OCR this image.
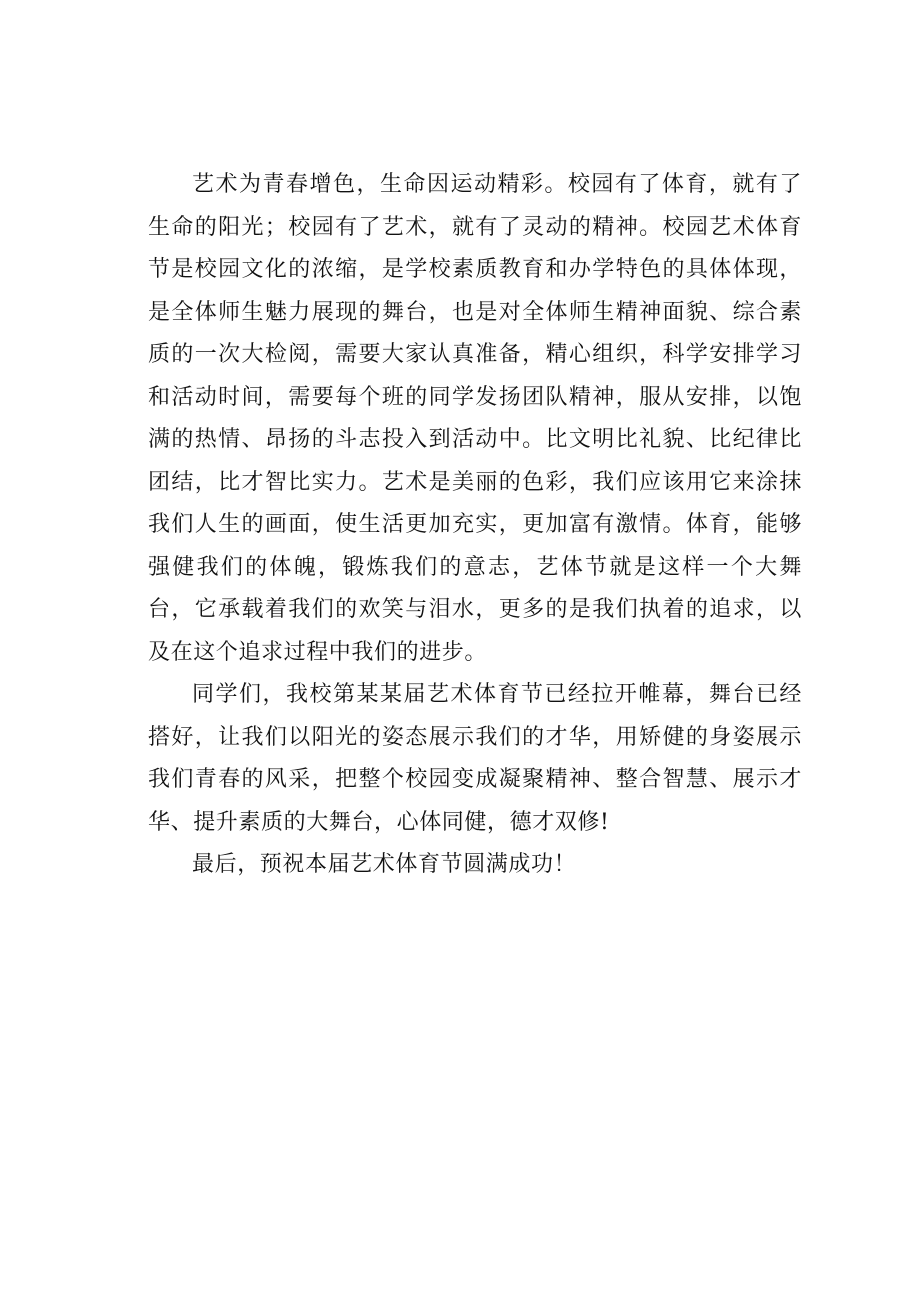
艺术为青春增色，生命因运动精彩。校园有了体育，就有了生命的阳光；校园有了艺术，就有了灵动的精神。校园艺术体育节是校园文化的浓缩，是学校素质教育和办学特色的具体体现，是全体师生魅力展现的舞台，也是对全体师生精神面貌、综合素质的一次大检阅，需要大家认真准备，精心组织，科学安排学习和活动时间，需要每个班的同学发扬团队精神，服从安排，以饱满的热情、昂扬的斗志投入到活动中。比文明比礼貌、比纪律比团结，比才智比实力。艺术是美丽的色彩，我们应该用它来涂抹我们人生的画面，使生活更加充实，更加富有激情。体育，能够强健我们的体魄，锻炼我们的意志，艺体节就是这样一个大舞台，它承载着我们的欢笑与泪水，更多的是我们执着的追求，以及在这个追求过程中我们的进步。

同学们，我校第某某届艺术体育节已经拉开帷幕，舞台已经搭好，让我们以阳光的姿态展示我们的才华，用矫健的身姿展示我们青春的风采，把整个校园变成凝聚精神、整合智慧、展示才华、提升素质的大舞台，心体同健，德才双修!

最后，预祝本届艺术体育节圆满成功！
